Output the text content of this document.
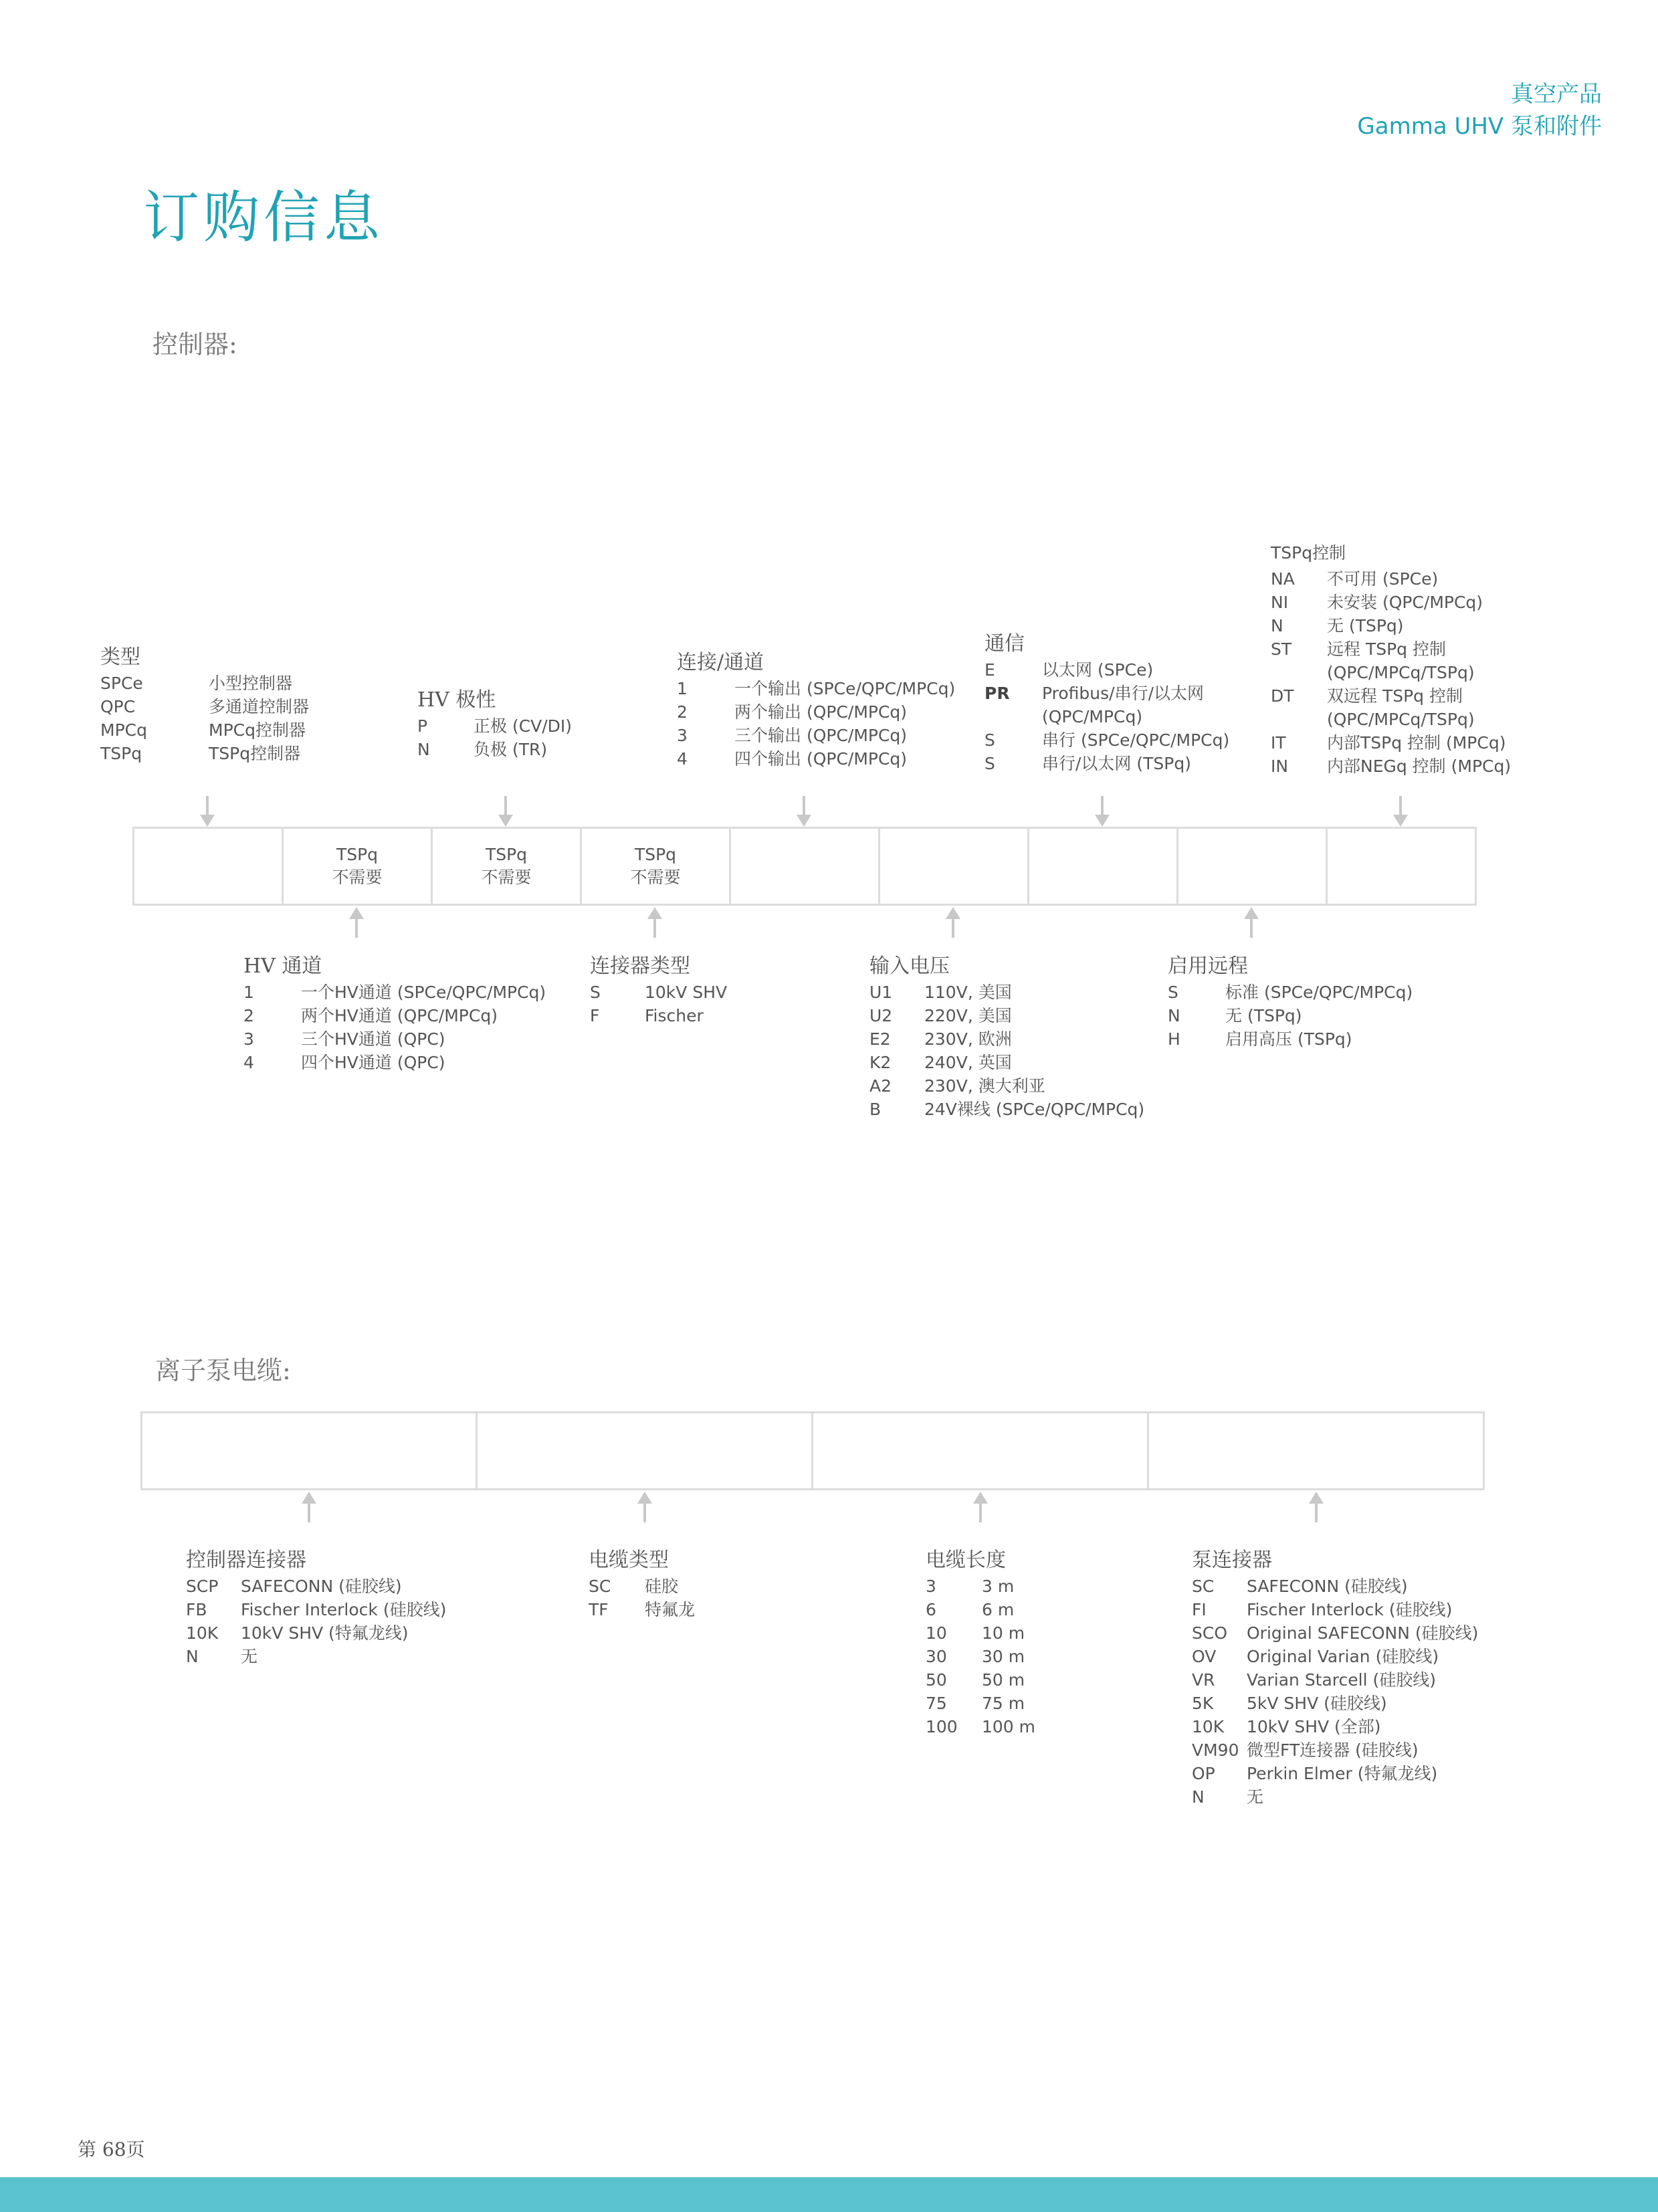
真空产品
Gamma UHV 泵和附件
订购信息
控制器:
类型
SPCe	小型控制器
QPC	多通道控制器
MPCq	MPCq控制器
TSPq	TSPq控制器
HV 极性
P	正极 (CV/DI)
N	负极 (TR)
连接/通道
1	一个输出 (SPCe/QPC/MPCq)
2	两个输出 (QPC/MPCq)
3	三个输出 (QPC/MPCq)
4	四个输出 (QPC/MPCq)
通信
E	以太网 (SPCe)
PR Profibus/串行/以太网
(QPC/MPCq)
S	串行 (SPCe/QPC/MPCq)
S	串行/以太网 (TSPq)
TSPq控制
NA 不可用 (SPCe)
NI 未安装 (QPC/MPCq)
N	无 (TSPq)
ST 远程 TSPq 控制
(QPC/MPCq/TSPq)
DT 双远程 TSPq 控制
(QPC/MPCq/TSPq)
IT 内部TSPq 控制 (MPCq)
IN 内部NEGq 控制 (MPCq)
TSPq
不需要
TSPq
不需要
TSPq
不需要
HV 通道
1	一个HV通道 (SPCe/QPC/MPCq)
2	两个HV通道 (QPC/MPCq)
3	三个HV通道 (QPC)
4	四个HV通道 (QPC)
连接器类型
S	10kV SHV
F	Fischer
输入电压
U1 110V, 美国
U2 220V, 美国
E2 230V, 欧洲
K2 240V, 英国
A2 230V, 澳大利亚
B	24V裸线 (SPCe/QPC/MPCq)
启用远程
S	标准 (SPCe/QPC/MPCq)
N	无 (TSPq)
H	启用高压 (TSPq)
离子泵电缆:
控制器连接器
SCP SAFECONN (硅胶线)
FB Fischer Interlock (硅胶线)
10K 10kV SHV (特氟龙线)
N	无
电缆类型
SC 硅胶
TF 特氟龙
电缆长度
3	3 m
6	6 m
10 10 m
30 30 m
50 50 m
75 75 m
100 100 m
泵连接器
SC SAFECONN (硅胶线)
FI Fischer Interlock (硅胶线)
SCO Original SAFECONN (硅胶线)
OV Original Varian (硅胶线)
VR Varian Starcell (硅胶线)
5K 5kV SHV (硅胶线)
10K 10kV SHV (全部)
VM90 微型FT连接器 (硅胶线)
OP Perkin Elmer (特氟龙线)
N	无
第 68页
